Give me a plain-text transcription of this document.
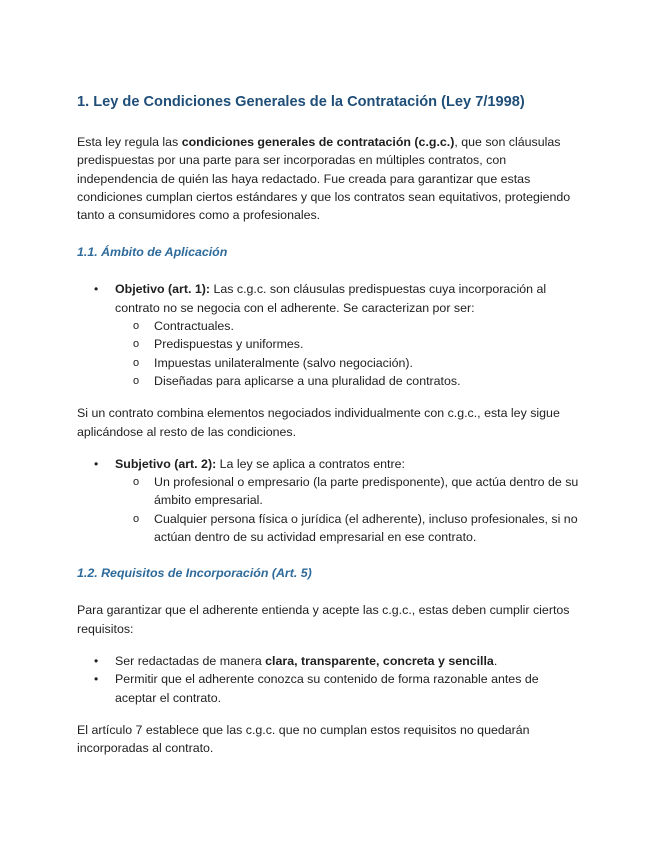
1. Ley de Condiciones Generales de la Contratación (Ley 7/1998)

Esta ley regula las condiciones generales de contratación (c.g.c.), que son cláusulas predispuestas por una parte para ser incorporadas en múltiples contratos, con independencia de quién las haya redactado. Fue creada para garantizar que estas condiciones cumplan ciertos estándares y que los contratos sean equitativos, protegiendo tanto a consumidores como a profesionales.

1.1. Ámbito de Aplicación
• Objetivo (art. 1): Las c.g.c. son cláusulas predispuestas cuya incorporación al contrato no se negocia con el adherente. Se caracterizan por ser:
o Contractuales.
o Predispuestas y uniformes.
o Impuestas unilateralmente (salvo negociación).
o Diseñadas para aplicarse a una pluralidad de contratos.

Si un contrato combina elementos negociados individualmente con c.g.c., esta ley sigue aplicándose al resto de las condiciones.

• Subjetivo (art. 2): La ley se aplica a contratos entre:
o Un profesional o empresario (la parte predisponente), que actúa dentro de su ámbito empresarial.
o Cualquier persona física o jurídica (el adherente), incluso profesionales, si no actúan dentro de su actividad empresarial en ese contrato.
1.2. Requisitos de Incorporación (Art. 5)

Para garantizar que el adherente entienda y acepte las c.g.c., estas deben cumplir ciertos requisitos:

• Ser redactadas de manera clara, transparente, concreta y sencilla.
• Permitir que el adherente conozca su contenido de forma razonable antes de aceptar el contrato.

El artículo 7 establece que las c.g.c. que no cumplan estos requisitos no quedarán incorporadas al contrato.
